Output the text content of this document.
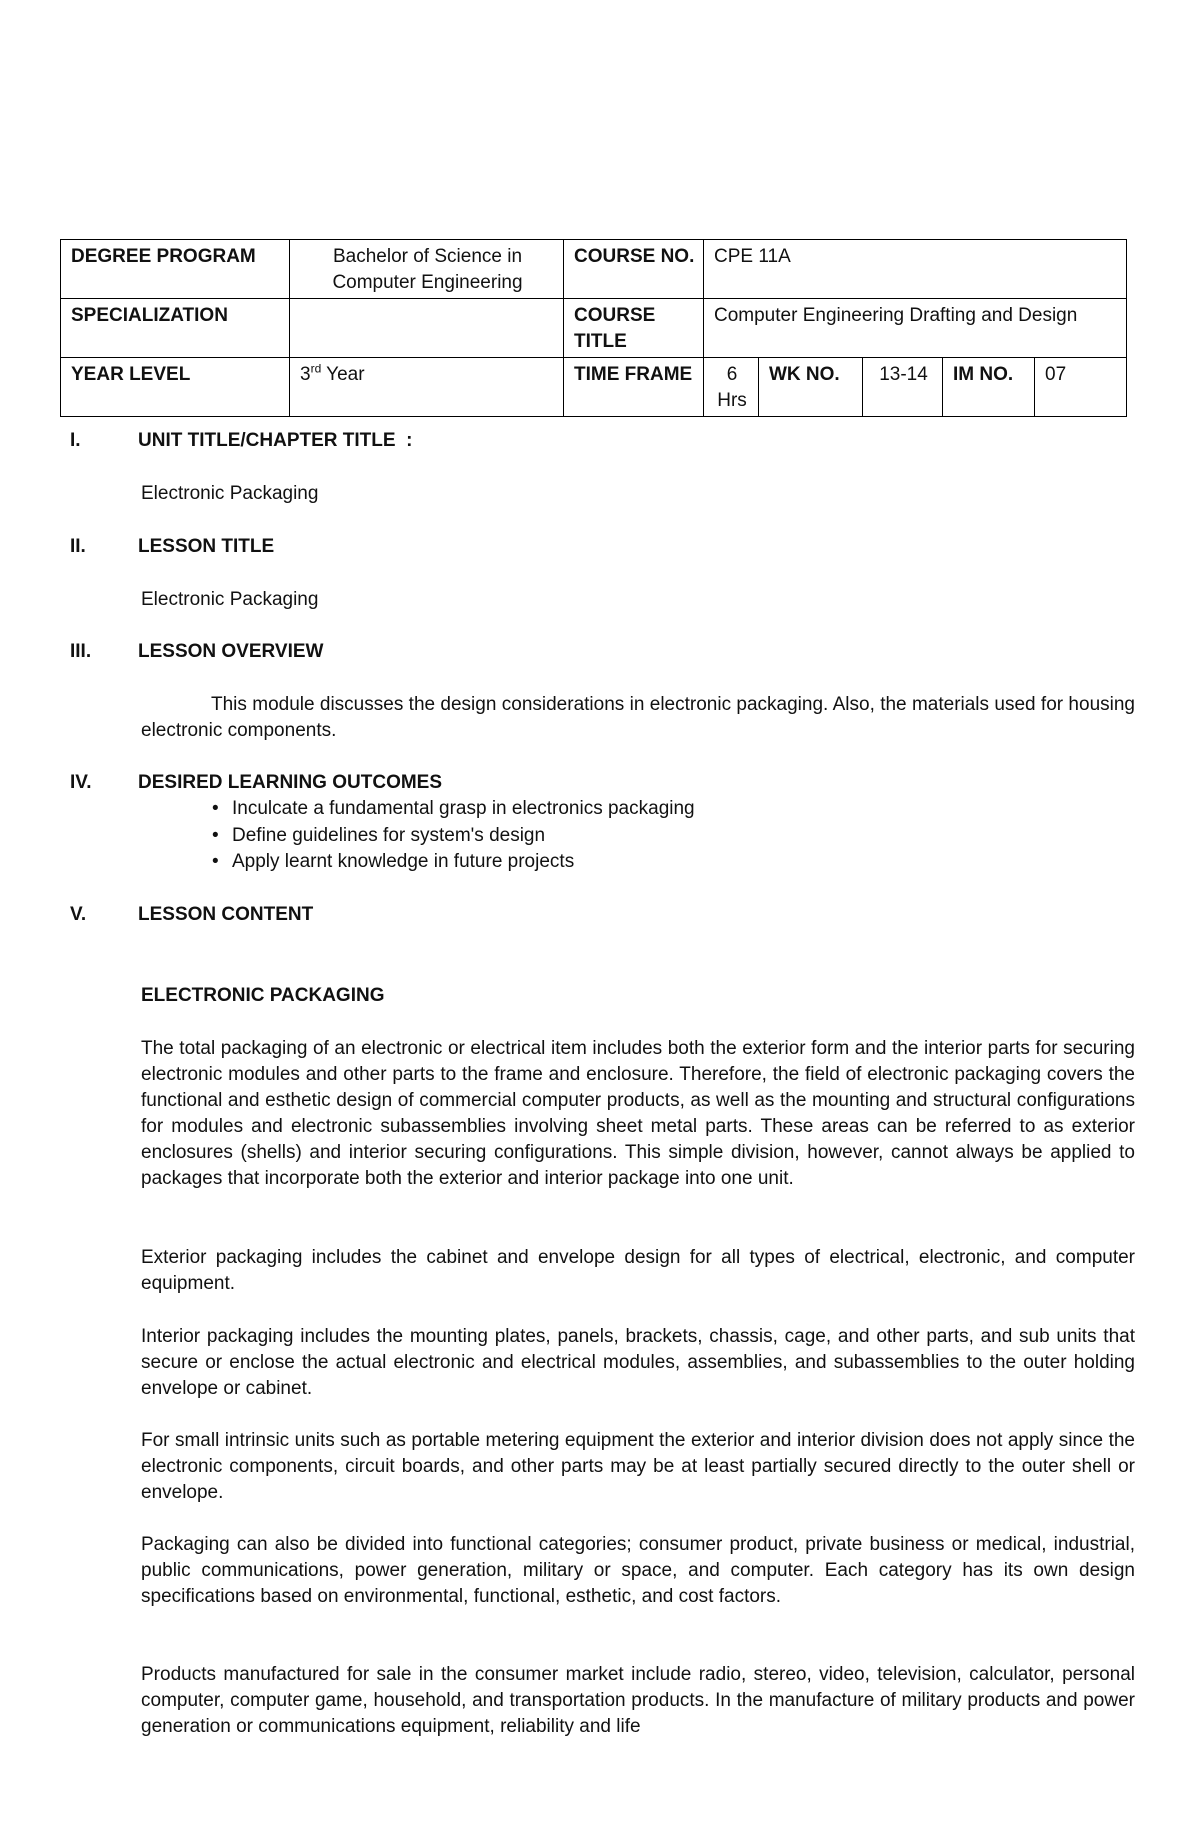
DEGREE PROGRAM	Bachelor of Science in Computer Engineering	COURSE NO.	CPE 11A				
SPECIALIZATION		COURSE TITLE	Computer Engineering Drafting and Design				
YEAR LEVEL	3rd Year	TIME FRAME	6 Hrs	WK NO.	13-14	IM NO.	07
I.	UNIT TITLE/CHAPTER TITLE  :
Electronic Packaging
II.	LESSON TITLE
Electronic Packaging
III. LESSON OVERVIEW
This module discusses the design considerations in electronic packaging. Also, the materials used for housing electronic components.
IV. DESIRED LEARNING OUTCOMES
• Inculcate a fundamental grasp in electronics packaging
• Define guidelines for system's design
• Apply learnt knowledge in future projects
V.	LESSON CONTENT
ELECTRONIC PACKAGING
The total packaging of an electronic or electrical item includes both the exterior form and the interior parts for securing electronic modules and other parts to the frame and enclosure. Therefore, the field of electronic packaging covers the functional and esthetic design of commercial computer products, as well as the mounting and structural configurations for modules and electronic subassemblies involving sheet metal parts. These areas can be referred to as exterior enclosures (shells) and interior securing configurations. This simple division, however, cannot always be applied to packages that incorporate both the exterior and interior package into one unit.
Exterior packaging includes the cabinet and envelope design for all types of electrical, electronic, and computer equipment.
Interior packaging includes the mounting plates, panels, brackets, chassis, cage, and other parts, and sub units that secure or enclose the actual electronic and electrical modules, assemblies, and subassemblies to the outer holding envelope or cabinet.
For small intrinsic units such as portable metering equipment the exterior and interior division does not apply since the electronic components, circuit boards, and other parts may be at least partially secured directly to the outer shell or envelope.
Packaging can also be divided into functional categories; consumer product, private business or medical, industrial, public communications, power generation, military or space, and computer. Each category has its own design specifications based on environmental, functional, esthetic, and cost factors.
Products manufactured for sale in the consumer market include radio, stereo, video, television, calculator, personal computer, computer game, household, and transportation products. In the manufacture of military products and power generation or communications equipment, reliability and life
